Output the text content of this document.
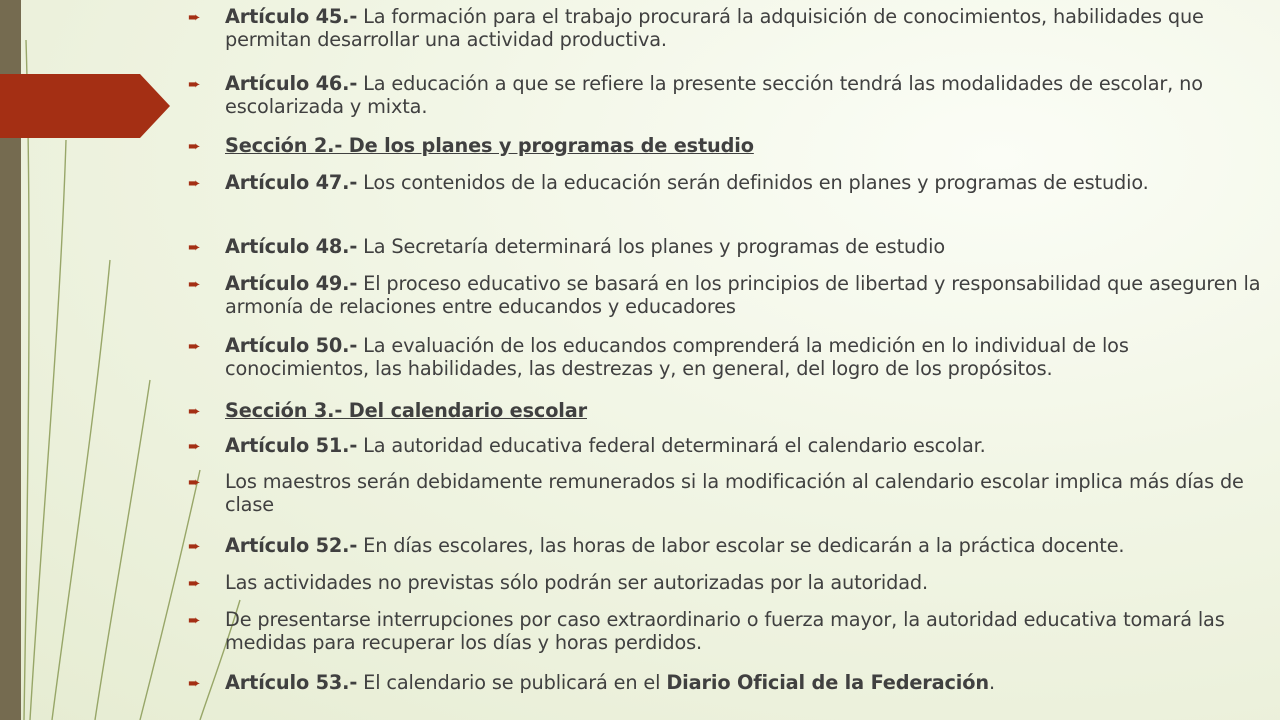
➨ Artículo 45.- La formación para el trabajo procurará la adquisición de conocimientos, habilidades que permitan desarrollar una actividad productiva.
➨ Artículo 46.- La educación a que se refiere la presente sección tendrá las modalidades de escolar, no escolarizada y mixta.
➨ Sección 2.- De los planes y programas de estudio
➨ Artículo 47.- Los contenidos de la educación serán definidos en planes y programas de estudio.
➨ Artículo 48.- La Secretaría determinará los planes y programas de estudio
➨ Artículo 49.- El proceso educativo se basará en los principios de libertad y responsabilidad que aseguren la armonía de relaciones entre educandos y educadores
➨ Artículo 50.- La evaluación de los educandos comprenderá la medición en lo individual de los conocimientos, las habilidades, las destrezas y, en general, del logro de los propósitos.
➨ Sección 3.- Del calendario escolar
➨ Artículo 51.- La autoridad educativa federal determinará el calendario escolar.
➨ Los maestros serán debidamente remunerados si la modificación al calendario escolar implica más días de clase
➨ Artículo 52.- En días escolares, las horas de labor escolar se dedicarán a la práctica docente.
➨ Las actividades no previstas sólo podrán ser autorizadas por la autoridad.
➨ De presentarse interrupciones por caso extraordinario o fuerza mayor, la autoridad educativa tomará las medidas para recuperar los días y horas perdidos.
➨ Artículo 53.- El calendario se publicará en el Diario Oficial de la Federación.
